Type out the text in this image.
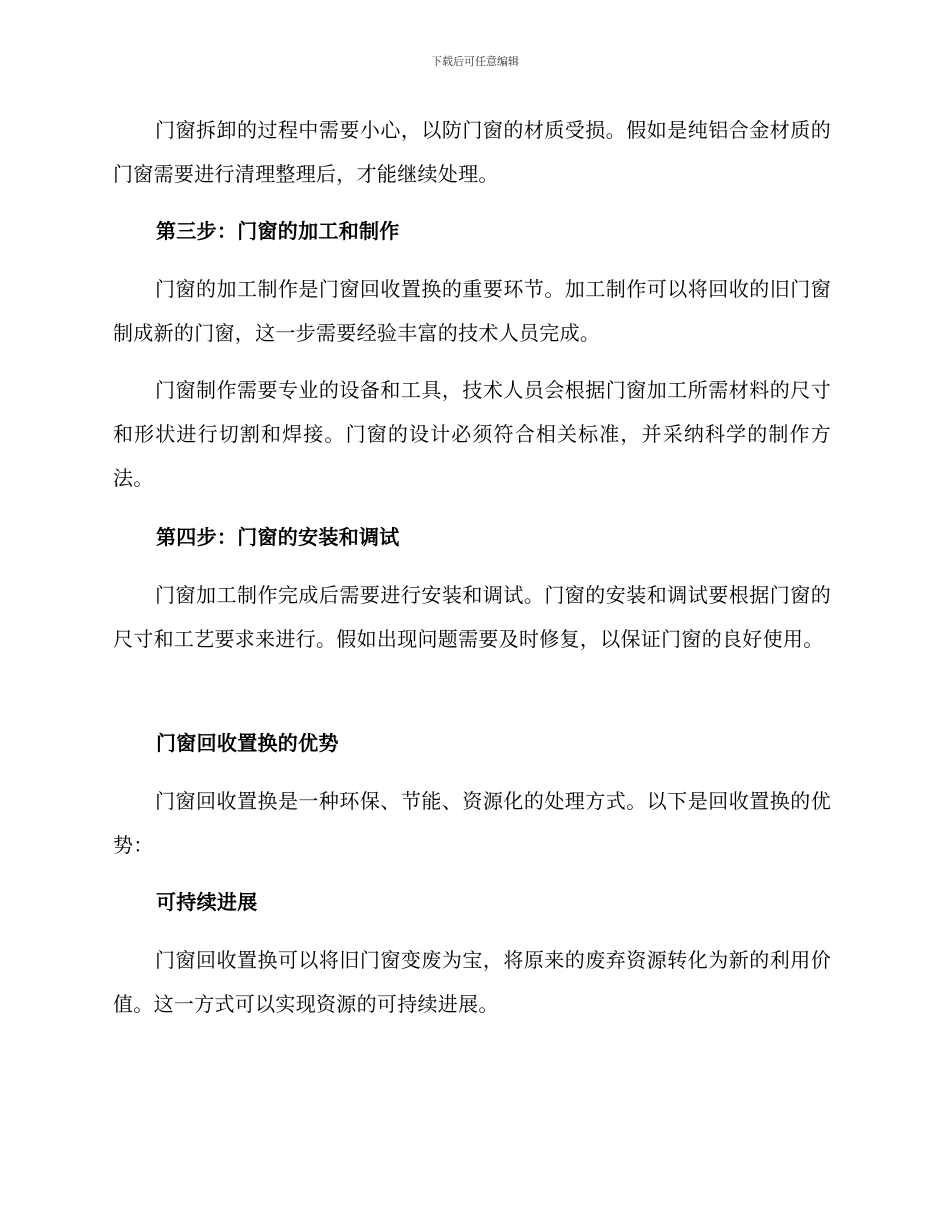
下载后可任意编辑

门窗拆卸的过程中需要小心，以防门窗的材质受损。假如是纯铝合金材质的门窗需要进行清理整理后，才能继续处理。

第三步：门窗的加工和制作

门窗的加工制作是门窗回收置换的重要环节。加工制作可以将回收的旧门窗制成新的门窗，这一步需要经验丰富的技术人员完成。

门窗制作需要专业的设备和工具，技术人员会根据门窗加工所需材料的尺寸和形状进行切割和焊接。门窗的设计必须符合相关标准，并采纳科学的制作方法。

第四步：门窗的安装和调试

门窗加工制作完成后需要进行安装和调试。门窗的安装和调试要根据门窗的尺寸和工艺要求来进行。假如出现问题需要及时修复，以保证门窗的良好使用。

门窗回收置换的优势

门窗回收置换是一种环保、节能、资源化的处理方式。以下是回收置换的优势：

可持续进展

门窗回收置换可以将旧门窗变废为宝，将原来的废弃资源转化为新的利用价值。这一方式可以实现资源的可持续进展。
